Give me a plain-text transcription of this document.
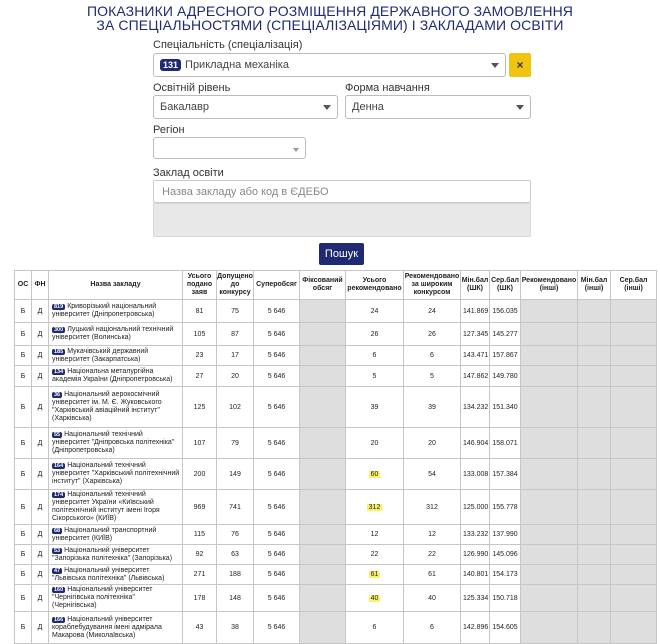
ПОКАЗНИКИ АДРЕСНОГО РОЗМІЩЕННЯ ДЕРЖАВНОГО ЗАМОВЛЕННЯ
ЗА СПЕЦІАЛЬНОСТЯМИ (СПЕЦІАЛІЗАЦІЯМИ) І ЗАКЛАДАМИ ОСВІТИ
Спеціальність (спеціалізація)
131 Прикладна механіка	×
Освітній рівень
Бакалавр
Форма навчання
Денна
Регіон
Заклад освіти
Назва закладу або код в ЄДЕБО
Пошук
ОС	ФН	Назва закладу	Усього подано заяв	Допущено до конкурсу	Суперобсяг	Фіксований обсяг	Усього рекомендовано	Рекомендовано за широким конкурсом	Мін.бал (ШК)	Сер.бал (ШК)	Рекомендовано (інші)	Мін.бал (інші)	Сер.бал (інші)
Б	Д	819 Криворізький національний університет (Дніпропетровська)	81	75	5 646		24	24	141.869	156.035			
Б	Д	300 Луцький національний технічний університет (Волинська)	105	87	5 646		26	26	127.345	145.277			
Б	Д	185 Мукачівський державний університет (Закарпатська)	23	17	5 646		6	6	143.471	157.867			
Б	Д	134 Національна металургійна академія України (Дніпропетровська)	27	20	5 646		5	5	147.862	149.780			
Б	Д	36 Національний аерокосмічний університет ім. М. Є. Жуковського "Харківський авіаційний інститут" (Харківська)	125	102	5 646		39	39	134.232	151.340			
Б	Д	55 Національний технічний університет "Дніпровська політехніка" (Дніпропетровська)	107	79	5 646		20	20	146.904	158.071			
Б	Д	164 Національний технічний університет "Харківський політехнічний інститут" (Харківська)	200	149	5 646		60	54	133.008	157.384			
Б	Д	174 Національний технічний університет України «Київський політехнічний інститут імені Ігоря Сікорського» (КИЇВ)	969	741	5 646		312	312	125.000	155.778			
Б	Д	68 Національний транспортний університет (КИЇВ)	115	76	5 646		12	12	133.232	137.990			
Б	Д	53 Національний університет "Запорізька політехніка" (Запорізька)	92	63	5 646		22	22	126.990	145.096			
Б	Д	47 Національний університет "Львівська політехніка" (Львівська)	271	188	5 646		61	61	140.801	154.173			
Б	Д	160 Національний університет "Чернігівська політехніка" (Чернігівська)	178	148	5 646		40	40	125.334	150.718			
Б	Д	166 Національний університет кораблебудування імені адмірала Макарова (Миколаївська)	43	38	5 646		6	6	142.896	154.605			
